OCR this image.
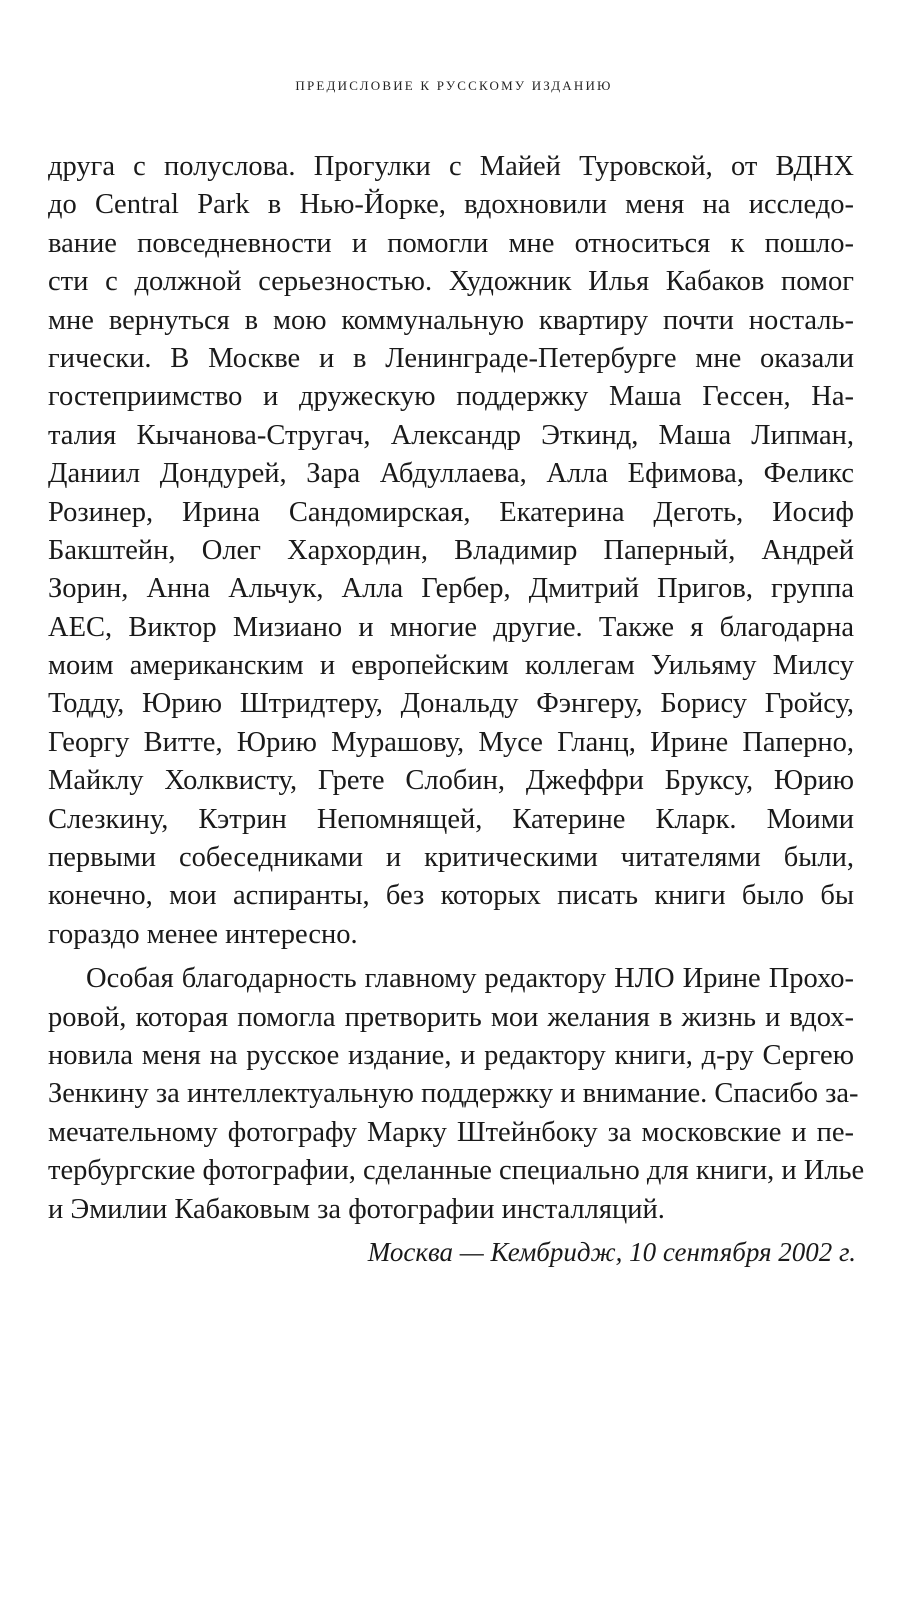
ПРЕДИСЛОВИЕ К РУССКОМУ ИЗДАНИЮ
друга с полуслова. Прогулки с Майей Туровской, от ВДНХ
до Central Park в Нью-Йорке, вдохновили меня на исследо-
вание повседневности и помогли мне относиться к пошло-
сти с должной серьезностью. Художник Илья Кабаков помог
мне вернуться в мою коммунальную квартиру почти носталь-
гически. В Москве и в Ленинграде-Петербурге мне оказали
гостеприимство и дружескую поддержку Маша Гессен, На-
талия Кычанова-Стругач, Александр Эткинд, Маша Липман,
Даниил Дондурей, Зара Абдуллаева, Алла Ефимова, Феликс
Розинер, Ирина Сандомирская, Екатерина Деготь, Иосиф
Бакштейн, Олег Хархордин, Владимир Паперный, Андрей
Зорин, Анна Альчук, Алла Гербер, Дмитрий Пригов, группа
АЕС, Виктор Мизиано и многие другие. Также я благодарна
моим американским и европейским коллегам Уильяму Милсу
Тодду, Юрию Штридтеру, Дональду Фэнгеру, Борису Гройсу,
Георгу Витте, Юрию Мурашову, Мусе Гланц, Ирине Паперно,
Майклу Холквисту, Грете Слобин, Джеффри Бруксу, Юрию
Слезкину, Кэтрин Непомнящей, Катерине Кларк. Моими
первыми собеседниками и критическими читателями были,
конечно, мои аспиранты, без которых писать книги было бы
гораздо менее интересно.
Особая благодарность главному редактору НЛО Ирине Прохо-
ровой, которая помогла претворить мои желания в жизнь и вдох-
новила меня на русское издание, и редактору книги, д-ру Сергею
Зенкину за интеллектуальную поддержку и внимание. Спасибо за-
мечательному фотографу Марку Штейнбоку за московские и пе-
тербургские фотографии, сделанные специально для книги, и Илье
и Эмилии Кабаковым за фотографии инсталляций.
Москва — Кембридж, 10 сентября 2002 г.
